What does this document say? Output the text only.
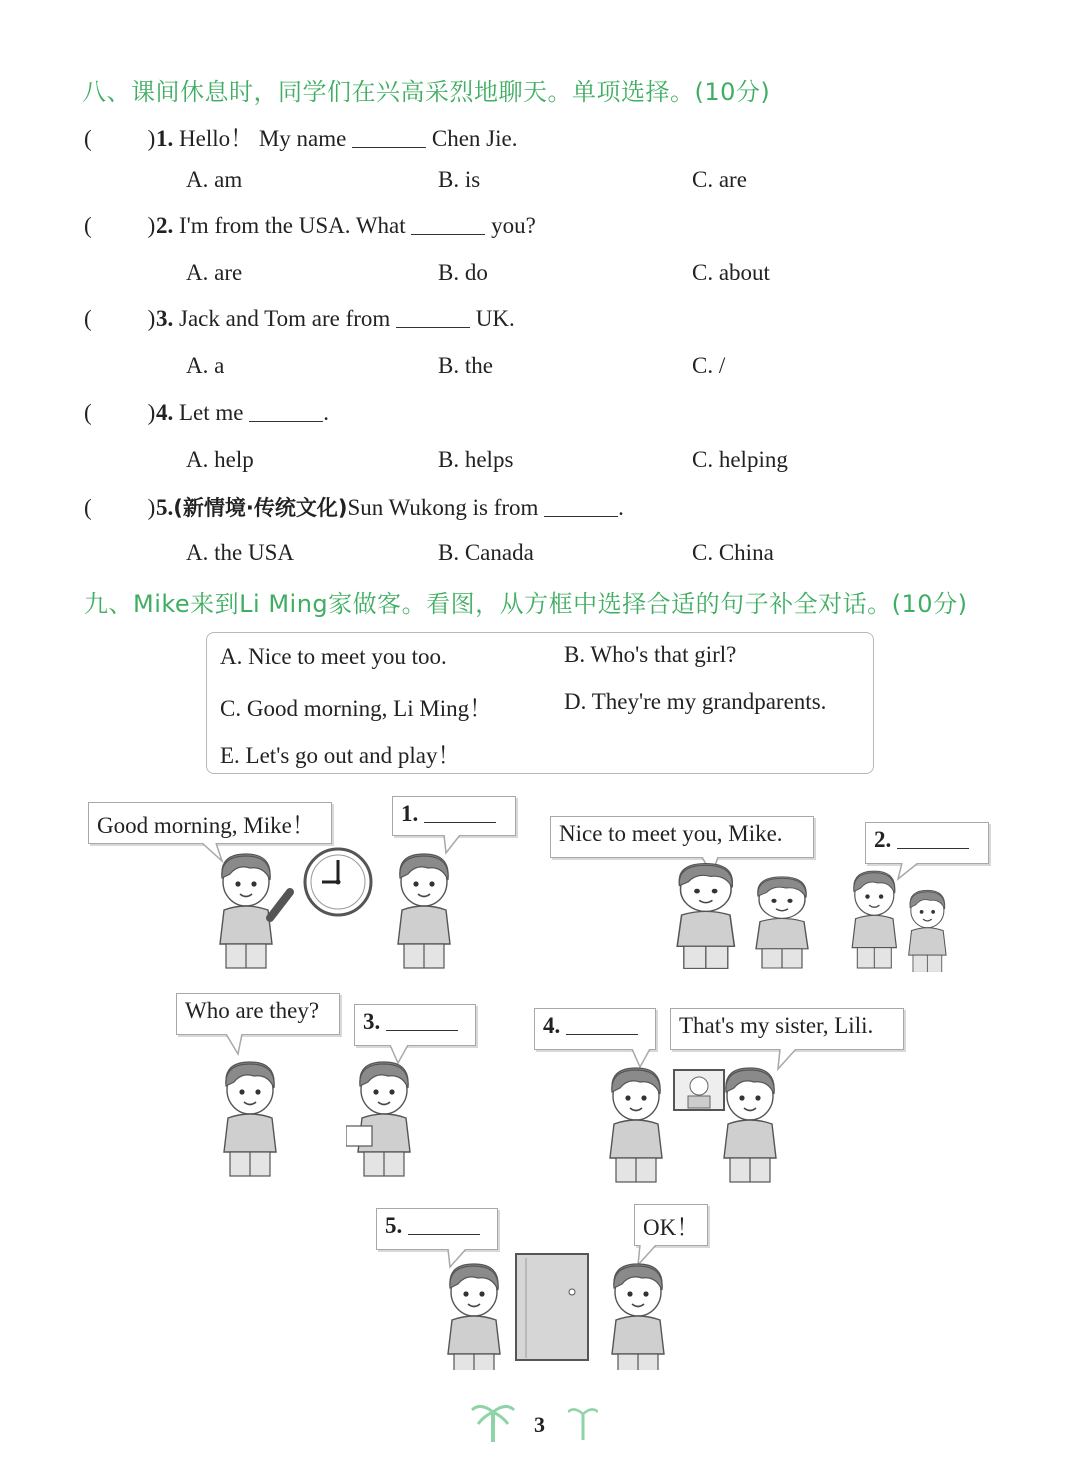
八、课间休息时，同学们在兴高采烈地聊天。单项选择。(10分)
( )1. Hello！ My name	Chen Jie.
A. am	B. is	C. are
( )2. I'm from the USA. What	you?
A. are	B. do	C. about
( )3. Jack and Tom are from	UK.
A. a	B. the	C. /
( )4. Let me	.
A. help	B. helps	C. helping
( )5.(新情境·传统文化)Sun Wukong is from	.
A. the USA	B. Canada	C. China
九、Mike来到Li Ming家做客。看图，从方框中选择合适的句子补全对话。(10分)
A. Nice to meet you too.	B. Who's that girl?
C. Good morning, Li Ming！	D. They're my grandparents.
E. Let's go out and play！
Good morning, Mike！	1.
Nice to meet you, Mike.	2.
Who are they?	3.	4.	That's my sister, Lili.
5.	OK！
3
